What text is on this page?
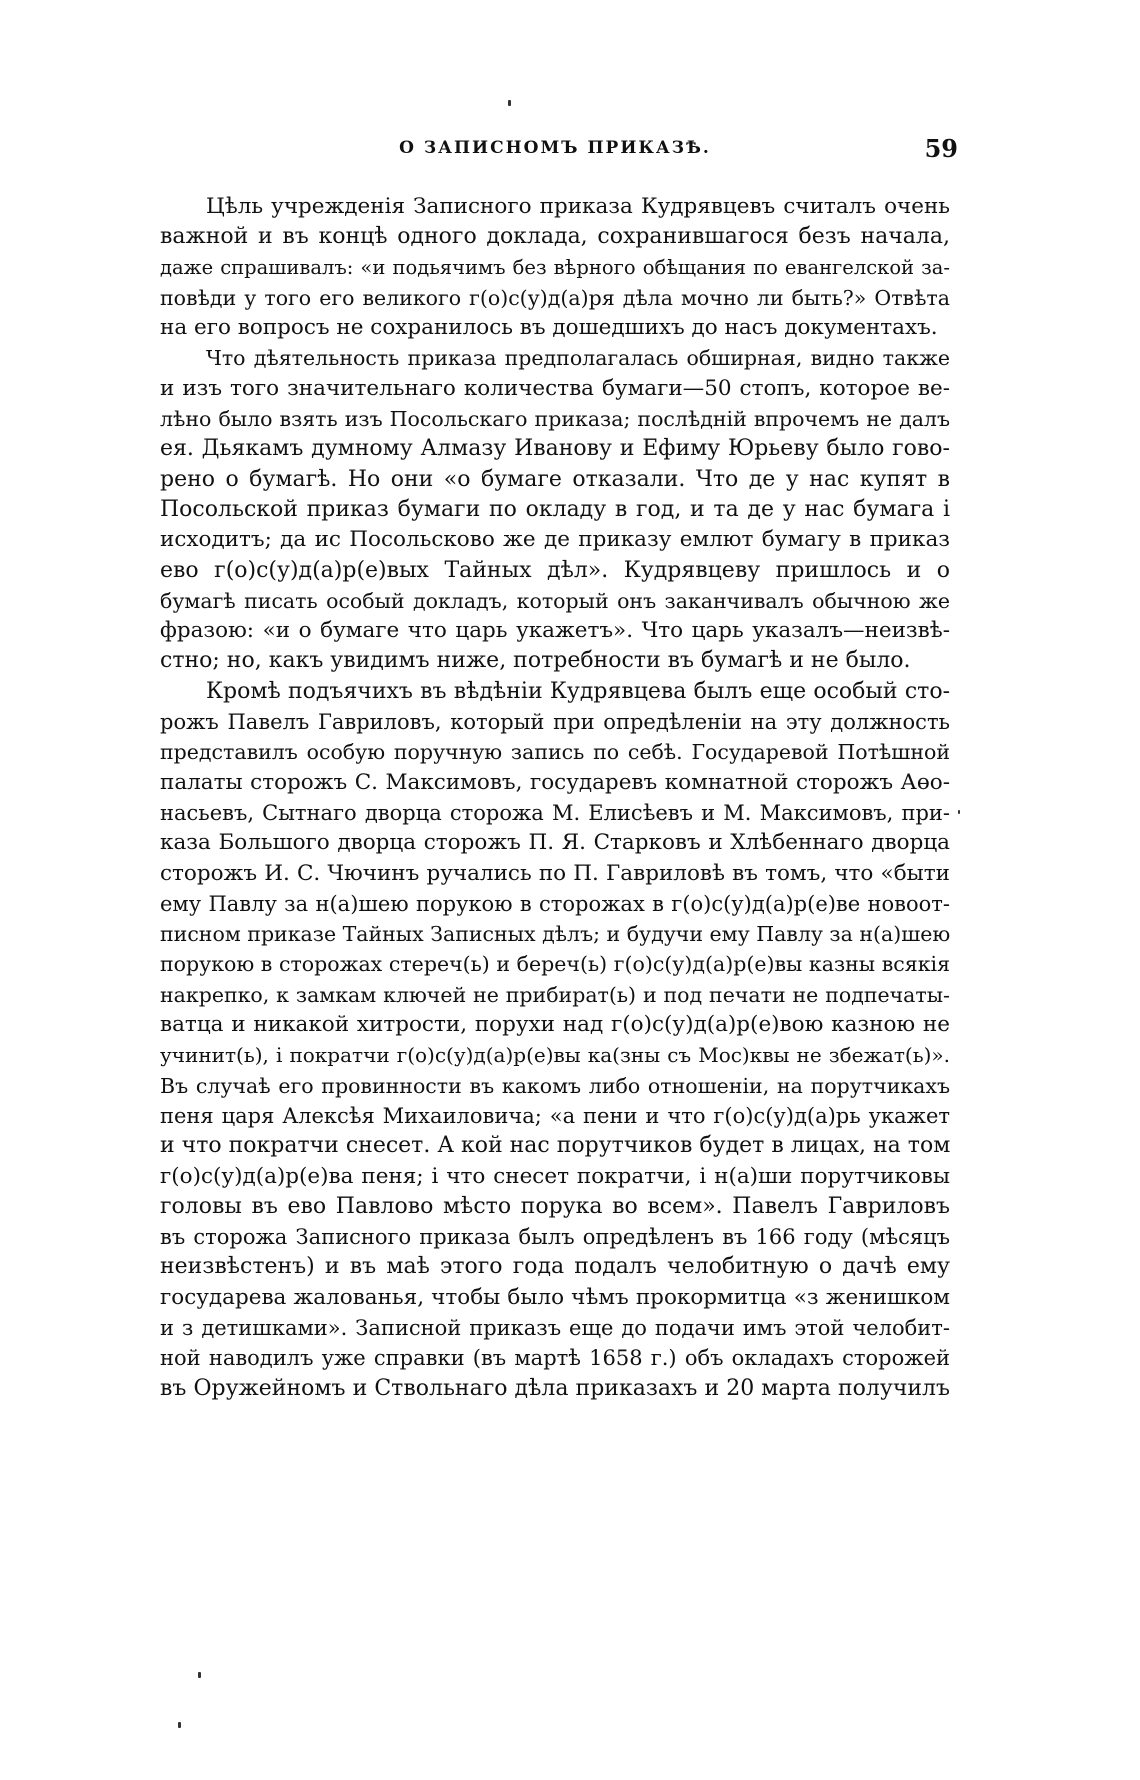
О ЗАПИСНОМЪ ПРИКАЗѢ.	59
Цѣль учрежденія Записного приказа Кудрявцевъ считалъ очень
важной и въ концѣ одного доклада, сохранившагося безъ начала,
даже спрашивалъ: «и подьячимъ без вѣрного обѣщания по евангелской за-
повѣди у того его великого г(о)с(у)д(а)ря дѣла мочно ли быть?» Отвѣта
на его вопросъ не сохранилось въ дошедшихъ до насъ документахъ.
Что дѣятельность приказа предполагалась обширная, видно также
и изъ того значительнаго количества бумаги—50 стопъ, которое ве-
лѣно было взять изъ Посольскаго приказа; послѣдній впрочемъ не далъ
ея. Дьякамъ думному Алмазу Иванову и Ефиму Юрьеву было гово-
рено о бумагѣ. Но они «о бумаге отказали. Что де у нас купят в
Посольской приказ бумаги по окладу в год, и та де у нас бумага і
исходитъ; да ис Посольсково же де приказу емлют бумагу в приказ
ево г(о)с(у)д(а)р(е)вых Тайных дѣл». Кудрявцеву пришлось и о
бумагѣ писать особый докладъ, который онъ заканчивалъ обычною же
фразою: «и о бумаге что царь укажетъ». Что царь указалъ—неизвѣ-
стно; но, какъ увидимъ ниже, потребности въ бумагѣ и не было.
Кромѣ подъячихъ въ вѣдѣніи Кудрявцева былъ еще особый сто-
рожъ Павелъ Гавриловъ, который при опредѣленіи на эту должность
представилъ особую поручную запись по себѣ. Государевой Потѣшной
палаты сторожъ С. Максимовъ, государевъ комнатной сторожъ Аөо-
насьевъ, Сытнаго дворца сторожа М. Елисѣевъ и М. Максимовъ, при-
каза Большого дворца сторожъ П. Я. Старковъ и Хлѣбеннаго дворца
сторожъ И. С. Чючинъ ручались по П. Гавриловѣ въ томъ, что «быти
ему Павлу за н(а)шею порукою в сторожах в г(о)с(у)д(а)р(е)ве новоот-
писном приказе Тайных Записных дѣлъ; и будучи ему Павлу за н(а)шею
порукою в сторожах стереч(ь) и береч(ь) г(о)с(у)д(а)р(е)вы казны всякія
накрепко, к замкам ключей не прибират(ь) и под печати не подпечаты-
ватца и никакой хитрости, порухи над г(о)с(у)д(а)р(е)вою казною не
учинит(ь), і пократчи г(о)с(у)д(а)р(е)вы ка(зны съ Мос)квы не збежат(ь)».
Въ случаѣ его провинности въ какомъ либо отношеніи, на порутчикахъ
пеня царя Алексѣя Михаиловича; «а пени и что г(о)с(у)д(а)рь укажет
и что пократчи снесет. А кой нас порутчиков будет в лицах, на том
г(о)с(у)д(а)р(е)ва пеня; і что снесет пократчи, і н(а)ши порутчиковы
головы въ ево Павлово мѣсто порука во всем». Павелъ Гавриловъ
въ сторожа Записного приказа былъ опредѣленъ въ 166 году (мѣсяцъ
неизвѣстенъ) и въ маѣ этого года подалъ челобитную о дачѣ ему
государева жалованья, чтобы было чѣмъ прокормитца «з женишком
и з детишками». Записной приказъ еще до подачи имъ этой челобит-
ной наводилъ уже справки (въ мартѣ 1658 г.) объ окладахъ сторожей
въ Оружейномъ и Ствольнаго дѣла приказахъ и 20 марта получилъ
